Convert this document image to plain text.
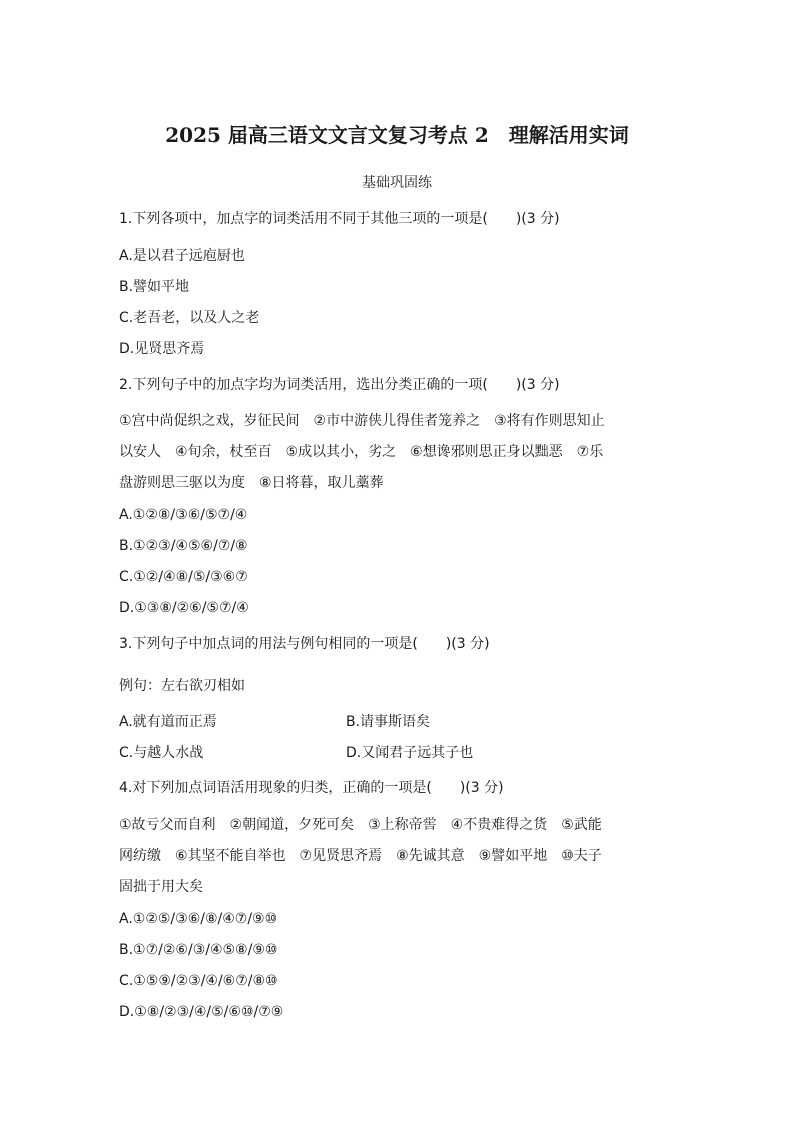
2025 届高三语文文言文复习考点 2　理解活用实词
基础巩固练
1.下列各项中，加点字的词类活用不同于其他三项的一项是(　　)(3 分)
A.是以君子远庖厨也
B.譬如平地
C.老吾老，以及人之老
D.见贤思齐焉
2.下列句子中的加点字均为词类活用，选出分类正确的一项(　　)(3 分)
①宫中尚促织之戏，岁征民间　②市中游侠儿得佳者笼养之　③将有作则思知止
以安人　④旬余，杖至百　⑤成以其小，劣之　⑥想谗邪则思正身以黜恶　⑦乐
盘游则思三驱以为度　⑧日将暮，取儿藁葬
A.①②⑧/③⑥/⑤⑦/④
B.①②③/④⑤⑥/⑦/⑧
C.①②/④⑧/⑤/③⑥⑦
D.①③⑧/②⑥/⑤⑦/④
3.下列句子中加点词的用法与例句相同的一项是(　　)(3 分)
例句：左右欲刃相如
A.就有道而正焉	B.请事斯语矣
C.与越人水战	D.又闻君子远其子也
4.对下列加点词语活用现象的归类，正确的一项是(　　)(3 分)
①故亏父而自利　②朝闻道，夕死可矣　③上称帝喾　④不贵难得之货　⑤武能
网纺缴　⑥其坚不能自举也　⑦见贤思齐焉　⑧先诚其意　⑨譬如平地　⑩夫子
固拙于用大矣
A.①②⑤/③⑥/⑧/④⑦/⑨⑩
B.①⑦/②⑥/③/④⑤⑧/⑨⑩
C.①⑤⑨/②③/④/⑥⑦/⑧⑩
D.①⑧/②③/④/⑤/⑥⑩/⑦⑨
